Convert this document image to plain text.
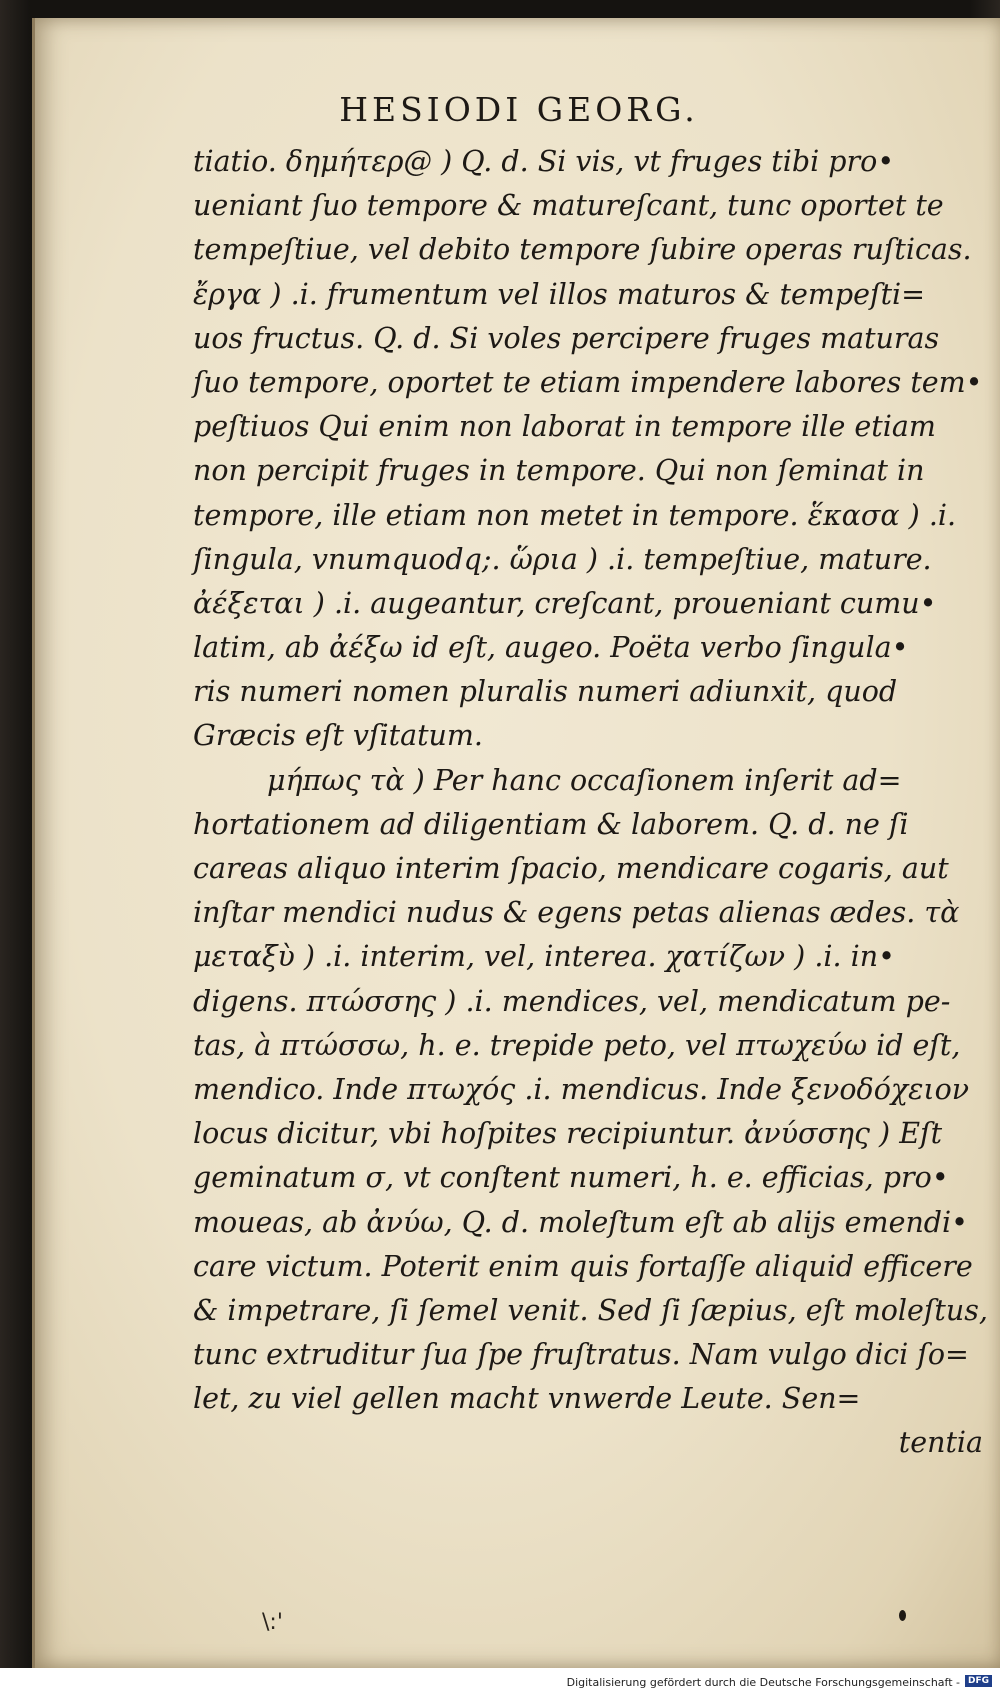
HESIODI GEORG.
tiatio. δημήτερ@ ) Q. d. Si vis, vt fruges tibi pro•
ueniant ſuo tempore & matureſcant, tunc oportet te
tempeſtiue, vel debito tempore ſubire operas ruſticas.
ἔργα ) .i. frumentum vel illos maturos & tempeſti=
uos fructus. Q. d. Si voles percipere fruges maturas
ſuo tempore, oportet te etiam impendere labores tem•
peſtiuos Qui enim non laborat in tempore ille etiam
non percipit fruges in tempore. Qui non ſeminat in
tempore, ille etiam non metet in tempore. ἕκασα ) .i.
ſingula, vnumquodq;. ὥριa ) .i. tempeſtiue, mature.
ἀέξεται ) .i. augeantur, creſcant, proueniant cumu•
latim, ab ἀέξω id eſt, augeo. Poëta verbo ſingula•
ris numeri nomen pluralis numeri adiunxit, quod
Græcis eſt vſitatum.
μήπως τὰ ) Per hanc occaſionem inſerit ad=
hortationem ad diligentiam & laborem. Q. d. ne ſi
careas aliquo interim ſpacio, mendicare cogaris, aut
inſtar mendici nudus & egens petas alienas ædes. τὰ
μεταξὺ ) .i. interim, vel, interea. χατίζων ) .i. in•
digens. πτώσσης ) .i. mendices, vel, mendicatum pe-
tas, à πτώσσω, h. e. trepide peto, vel πτωχεύω id eſt,
mendico. Inde πτωχός .i. mendicus. Inde ξενοδόχειον
locus dicitur, vbi hoſpites recipiuntur. ἀνύσσης ) Eſt
geminatum σ, vt conſtent numeri, h. e. efficias, pro•
moueas, ab ἀνύω, Q. d. moleſtum eſt ab alijs emendi•
care victum. Poterit enim quis fortaſſe aliquid efficere
& impetrare, ſi ſemel venit. Sed ſi ſæpius, eſt moleſtus,
tunc extruditur ſua ſpe fruſtratus. Nam vulgo dici ſo=
let, zu viel gellen macht vnwerde Leute. Sen=
tentia
\:'
Digitalisierung gefördert durch die Deutsche Forschungsgemeinschaft - DFG
